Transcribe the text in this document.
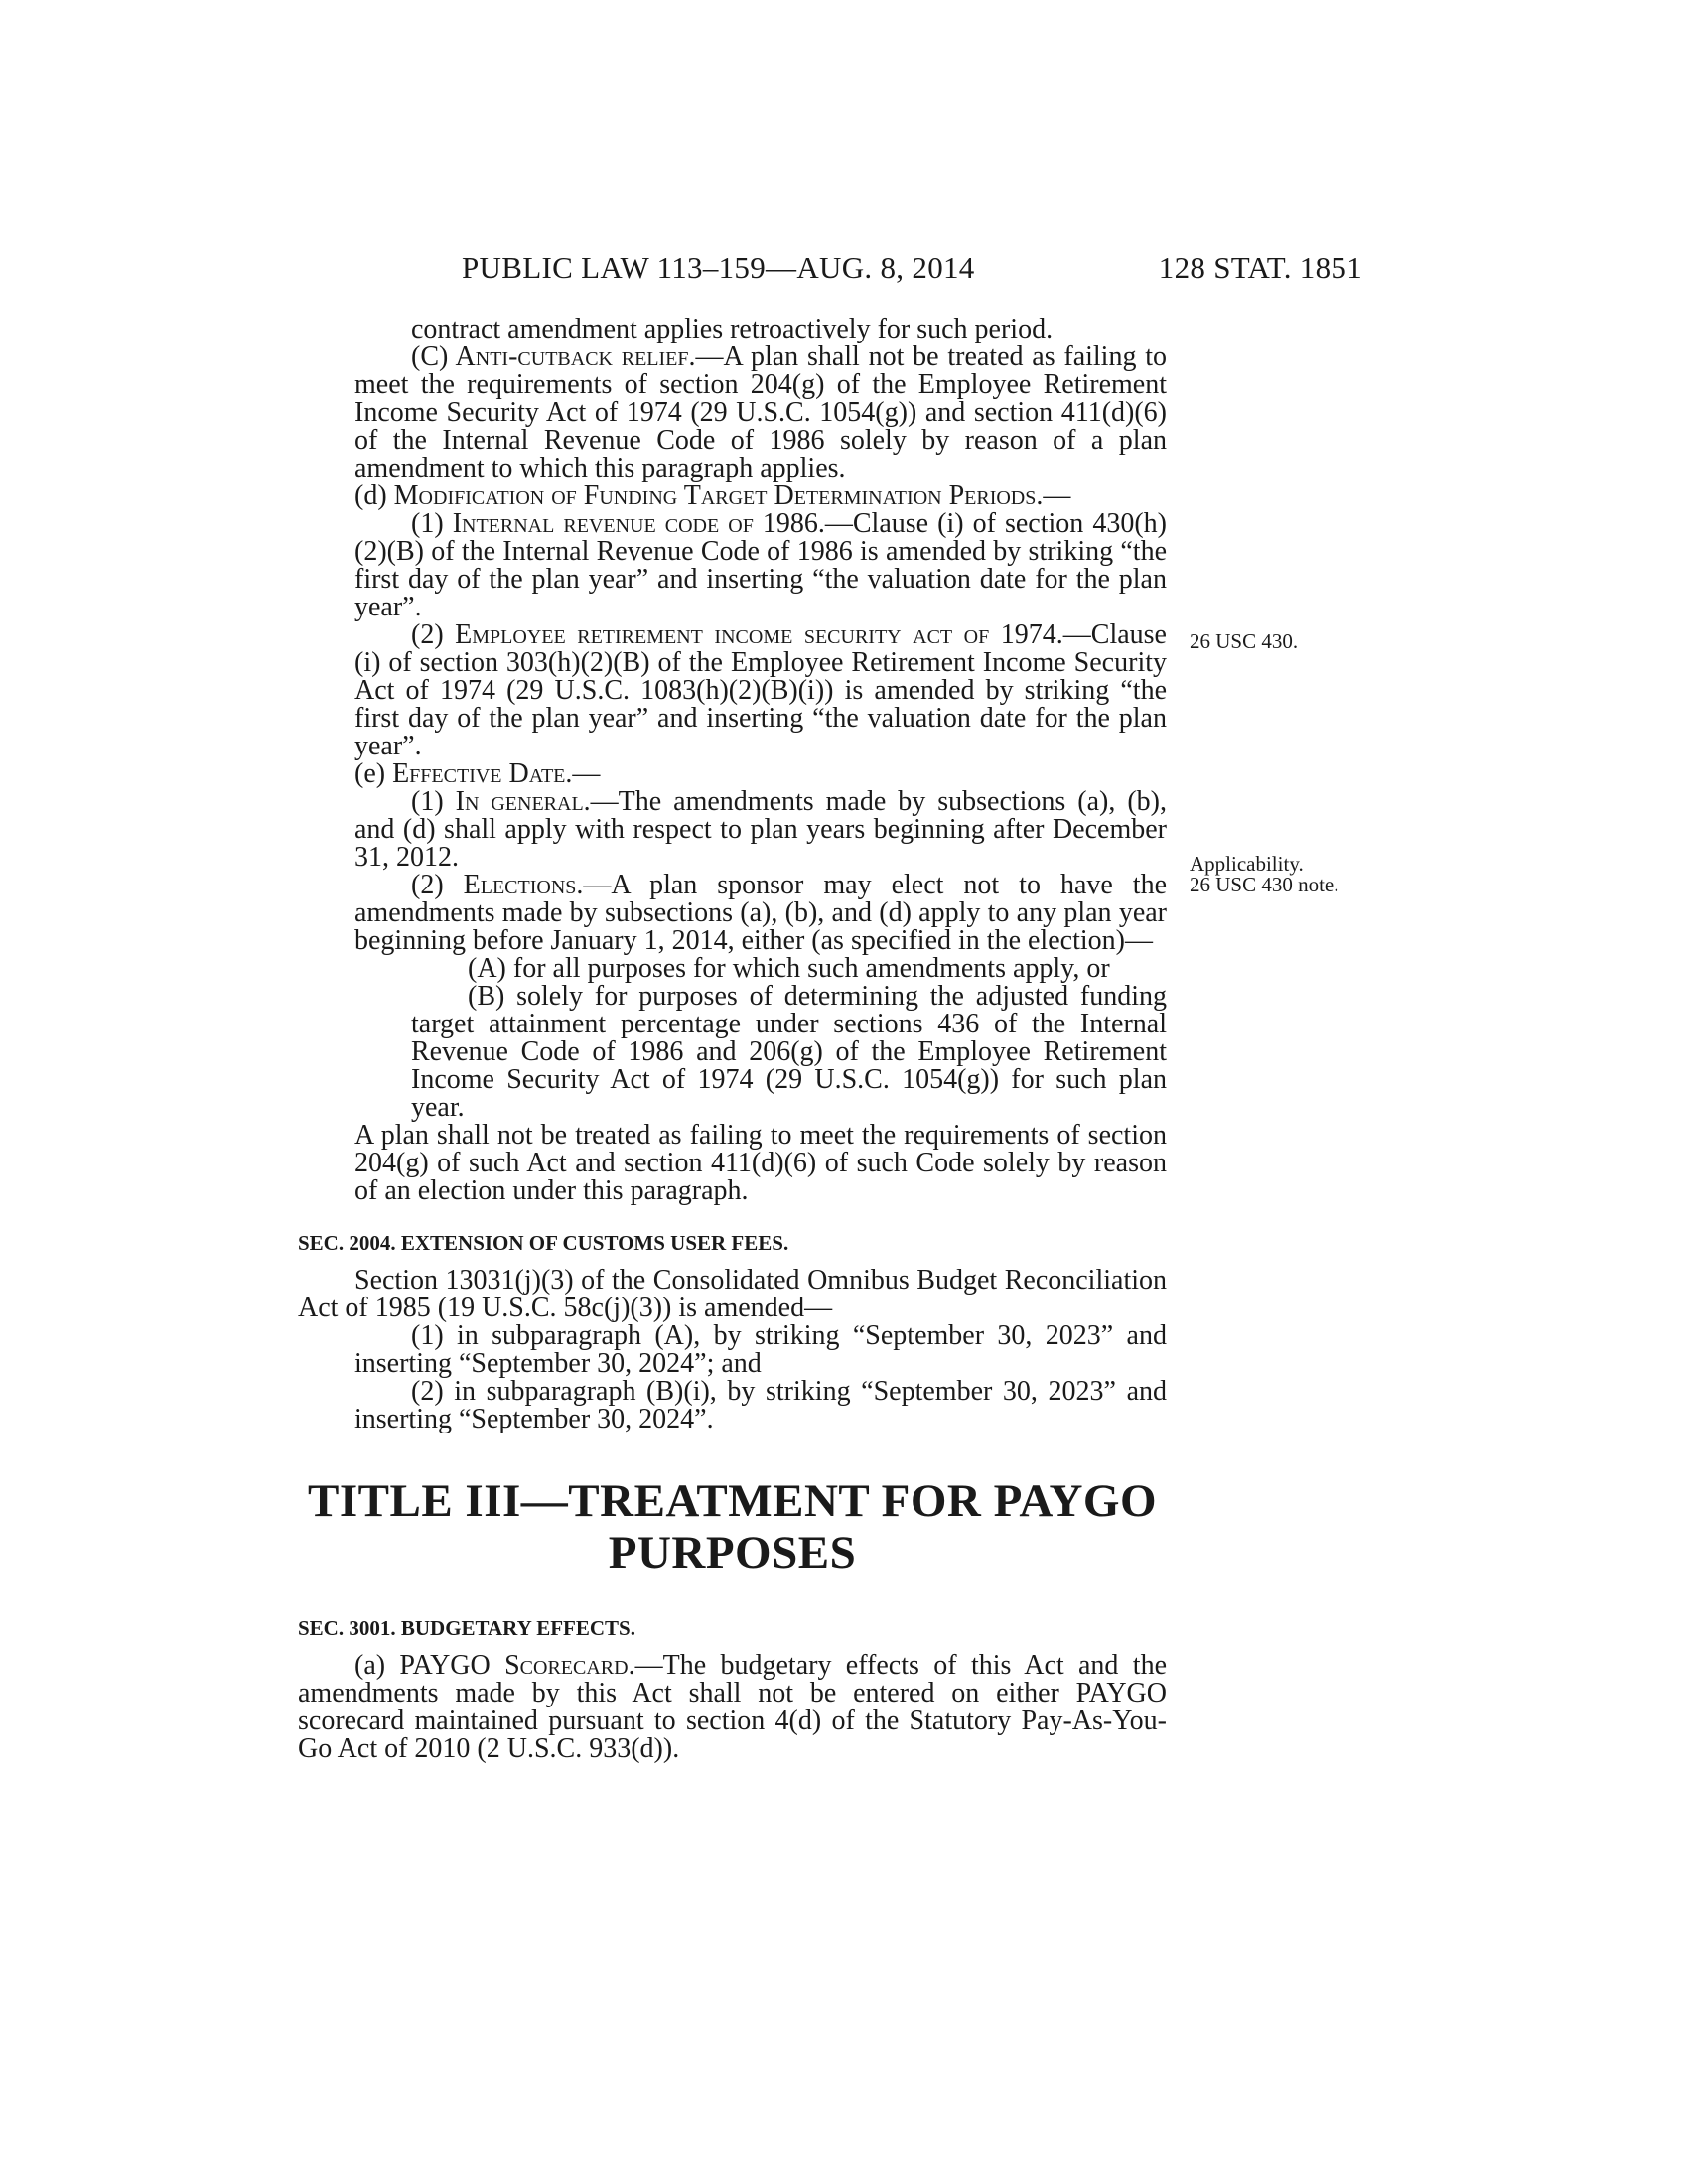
PUBLIC LAW 113–159—AUG. 8, 2014	128 STAT. 1851
26 USC 430.
Applicability.
26 USC 430 note.

contract amendment applies retroactively for such period.

(C) Anti-cutback relief.—A plan shall not be treated as failing to meet the requirements of section 204(g) of the Employee Retirement Income Security Act of 1974 (29 U.S.C. 1054(g)) and section 411(d)(6) of the Internal Revenue Code of 1986 solely by reason of a plan amendment to which this paragraph applies.

(d) Modification of Funding Target Determination Periods.—

(1) Internal revenue code of 1986.—Clause (i) of section 430(h)(2)(B) of the Internal Revenue Code of 1986 is amended by striking “the first day of the plan year” and inserting “the valuation date for the plan year”.

(2) Employee retirement income security act of 1974.—Clause (i) of section 303(h)(2)(B) of the Employee Retirement Income Security Act of 1974 (29 U.S.C. 1083(h)(2)(B)(i)) is amended by striking “the first day of the plan year” and inserting “the valuation date for the plan year”.

(e) Effective Date.—

(1) In general.—The amendments made by subsections (a), (b), and (d) shall apply with respect to plan years beginning after December 31, 2012.

(2) Elections.—A plan sponsor may elect not to have the amendments made by subsections (a), (b), and (d) apply to any plan year beginning before January 1, 2014, either (as specified in the election)—

(A) for all purposes for which such amendments apply, or

(B) solely for purposes of determining the adjusted funding target attainment percentage under sections 436 of the Internal Revenue Code of 1986 and 206(g) of the Employee Retirement Income Security Act of 1974 (29 U.S.C. 1054(g)) for such plan year.

A plan shall not be treated as failing to meet the requirements of section 204(g) of such Act and section 411(d)(6) of such Code solely by reason of an election under this paragraph.

SEC. 2004. EXTENSION OF CUSTOMS USER FEES.

Section 13031(j)(3) of the Consolidated Omnibus Budget Reconciliation Act of 1985 (19 U.S.C. 58c(j)(3)) is amended—

(1) in subparagraph (A), by striking “September 30, 2023” and inserting “September 30, 2024”; and

(2) in subparagraph (B)(i), by striking “September 30, 2023” and inserting “September 30, 2024”.

TITLE III—TREATMENT FOR PAYGO
PURPOSES

SEC. 3001. BUDGETARY EFFECTS.

(a) PAYGO Scorecard.—The budgetary effects of this Act and the amendments made by this Act shall not be entered on either PAYGO scorecard maintained pursuant to section 4(d) of the Statutory Pay-As-You-Go Act of 2010 (2 U.S.C. 933(d)).
